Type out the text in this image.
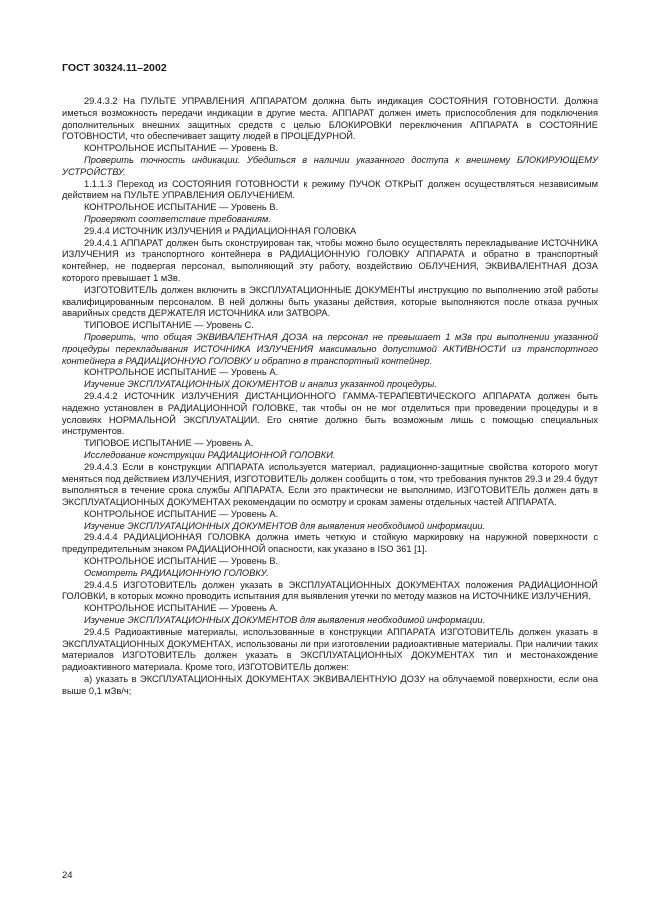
ГОСТ 30324.11–2002

29.4.3.2 На ПУЛЬТЕ УПРАВЛЕНИЯ АППАРАТОМ должна быть индикация СОСТОЯНИЯ ГОТОВНОСТИ. Должна иметься возможность передачи индикации в другие места. АППАРАТ должен иметь приспособления для подключения дополнительных внешних защитных средств с целью БЛОКИРОВКИ переключения АППАРАТА в СОСТОЯНИЕ ГОТОВНОСТИ, что обеспечивает защиту людей в ПРОЦЕДУРНОЙ.

КОНТРОЛЬНОЕ ИСПЫТАНИЕ — Уровень В.

Проверить точность индикации. Убедиться в наличии указанного доступа к внешнему БЛОКИРУЮЩЕМУ УСТРОЙСТВУ.

1.1.1.3 Переход из СОСТОЯНИЯ ГОТОВНОСТИ к режиму ПУЧОК ОТКРЫТ должен осуществляться независимым действием на ПУЛЬТЕ УПРАВЛЕНИЯ ОБЛУЧЕНИЕМ.

КОНТРОЛЬНОЕ ИСПЫТАНИЕ — Уровень В.

Проверяют соответствие требованиям.

29.4.4 ИСТОЧНИК ИЗЛУЧЕНИЯ и РАДИАЦИОННАЯ ГОЛОВКА

29.4.4.1 АППАРАТ должен быть сконструирован так, чтобы можно было осуществлять перекладывание ИСТОЧНИКА ИЗЛУЧЕНИЯ из транспортного контейнера в РАДИАЦИОННУЮ ГОЛОВКУ АППАРАТА и обратно в транспортный контейнер, не подвергая персонал, выполняющий эту работу, воздействию ОБЛУЧЕНИЯ, ЭКВИВАЛЕНТНАЯ ДОЗА которого превышает 1 мЗв.

ИЗГОТОВИТЕЛЬ должен включить в ЭКСПЛУАТАЦИОННЫЕ ДОКУМЕНТЫ инструкцию по выполнению этой работы квалифицированным персоналом. В ней должны быть указаны действия, которые выполняются после отказа ручных аварийных средств ДЕРЖАТЕЛЯ ИСТОЧНИКА или ЗАТВОРА.

ТИПОВОЕ ИСПЫТАНИЕ — Уровень С.

Проверить, что общая ЭКВИВАЛЕНТНАЯ ДОЗА на персонал не превышает 1 мЗв при выполнении указанной процедуры перекладывания ИСТОЧНИКА ИЗЛУЧЕНИЯ максимально допустимой АКТИВНОСТИ из транспортного контейнера в РАДИАЦИОННУЮ ГОЛОВКУ и обратно в транспортный контейнер.

КОНТРОЛЬНОЕ ИСПЫТАНИЕ — Уровень А.

Изучение ЭКСПЛУАТАЦИОННЫХ ДОКУМЕНТОВ и анализ указанной процедуры.

29.4.4.2 ИСТОЧНИК ИЗЛУЧЕНИЯ ДИСТАНЦИОННОГО ГАММА-ТЕРАПЕВТИЧЕСКОГО АППАРАТА должен быть надежно установлен в РАДИАЦИОННОЙ ГОЛОВКЕ, так чтобы он не мог отделиться при проведении процедуры и в условиях НОРМАЛЬНОЙ ЭКСПЛУАТАЦИИ. Его снятие должно быть возможным лишь с помощью специальных инструментов.

ТИПОВОЕ ИСПЫТАНИЕ — Уровень А.

Исследование конструкции РАДИАЦИОННОЙ ГОЛОВКИ.

29.4.4.3 Если в конструкции АППАРАТА используется материал, радиационно-защитные свойства которого могут меняться под действием ИЗЛУЧЕНИЯ, ИЗГОТОВИТЕЛЬ должен сообщить о том, что требования пунктов 29.3 и 29.4 будут выполняться в течение срока службы АППАРАТА. Если это практически не выполнимо, ИЗГОТОВИТЕЛЬ должен дать в ЭКСПЛУАТАЦИОННЫХ ДОКУМЕНТАХ рекомендации по осмотру и срокам замены отдельных частей АППАРАТА.

КОНТРОЛЬНОЕ ИСПЫТАНИЕ — Уровень А.

Изучение ЭКСПЛУАТАЦИОННЫХ ДОКУМЕНТОВ для выявления необходимой информации.

29.4.4.4 РАДИАЦИОННАЯ ГОЛОВКА должна иметь четкую и стойкую маркировку на наружной поверхности с предупредительным знаком РАДИАЦИОННОЙ опасности, как указано в ISO 361 [1].

КОНТРОЛЬНОЕ ИСПЫТАНИЕ — Уровень В.

Осмотреть РАДИАЦИОННУЮ ГОЛОВКУ.

29.4.4.5 ИЗГОТОВИТЕЛЬ должен указать в ЭКСПЛУАТАЦИОННЫХ ДОКУМЕНТАХ положения РАДИАЦИОННОЙ ГОЛОВКИ, в которых можно проводить испытания для выявления утечки по методу мазков на ИСТОЧНИКЕ ИЗЛУЧЕНИЯ.

КОНТРОЛЬНОЕ ИСПЫТАНИЕ — Уровень А.

Изучение ЭКСПЛУАТАЦИОННЫХ ДОКУМЕНТОВ для выявления необходимой информации.

29.4.5 Радиоактивные материалы, использованные в конструкции АППАРАТА ИЗГОТОВИТЕЛЬ должен указать в ЭКСПЛУАТАЦИОННЫХ ДОКУМЕНТАХ, использованы ли при изготовлении радиоактивные материалы. При наличии таких материалов ИЗГОТОВИТЕЛЬ должен указать в ЭКСПЛУАТАЦИОННЫХ ДОКУМЕНТАХ тип и местонахождение радиоактивного материала. Кроме того, ИЗГОТОВИТЕЛЬ должен:

а) указать в ЭКСПЛУАТАЦИОННЫХ ДОКУМЕНТАХ ЭКВИВАЛЕНТНУЮ ДОЗУ на облучаемой поверхности, если она выше 0,1 мЗв/ч;

24
